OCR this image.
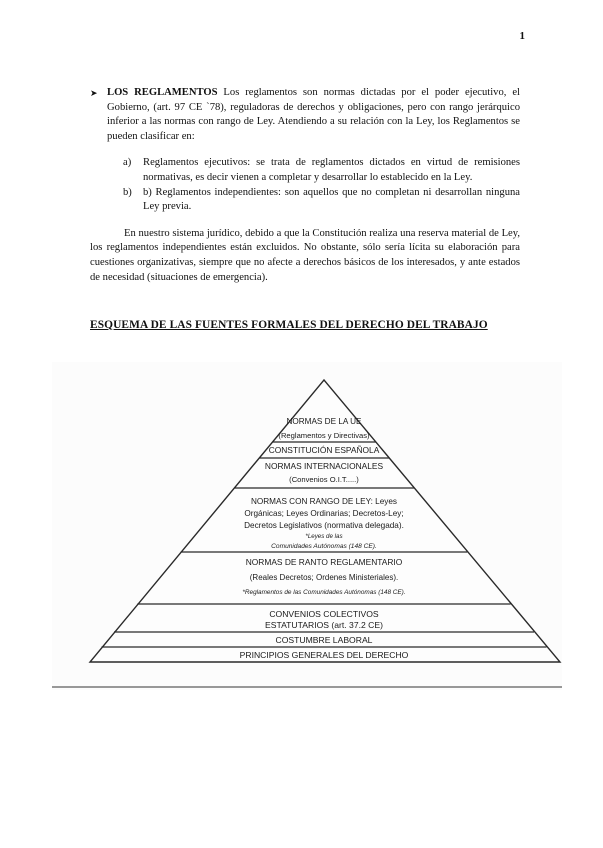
1
➤ LOS REGLAMENTOS Los reglamentos son normas dictadas por el poder ejecutivo, el Gobierno, (art. 97 CE `78), reguladoras de derechos y obligaciones, pero con rango jerárquico inferior a las normas con rango de Ley. Atendiendo a su relación con la Ley, los Reglamentos se pueden clasificar en:
a)	Reglamentos ejecutivos: se trata de reglamentos dictados en virtud de remisiones normativas, es decir vienen a completar y desarrollar lo establecido en la Ley.
b)	b) Reglamentos independientes: son aquellos que no completan ni desarrollan ninguna Ley previa.
En nuestro sistema jurídico, debido a que la Constitución realiza una reserva material de Ley, los reglamentos independientes están excluidos. No obstante, sólo sería lícita su elaboración para cuestiones organizativas, siempre que no afecte a derechos básicos de los interesados, y ante estados de necesidad (situaciones de emergencia).
ESQUEMA DE LAS FUENTES FORMALES DEL DERECHO DEL TRABAJO
NORMAS DE LA UE
(Reglamentos y Directivas)
CONSTITUCIÓN ESPAÑOLA
NORMAS INTERNACIONALES
(Convenios O.I.T.....)
NORMAS CON RANGO DE LEY: Leyes
Orgánicas; Leyes Ordinarias; Decretos-Ley;
Decretos Legislativos (normativa delegada).
*Leyes de las
Comunidades Autónomas (148 CE).
NORMAS DE RANTO REGLAMENTARIO
(Reales Decretos; Ordenes Ministeriales).
*Reglamentos de las Comunidades Autónomas (148 CE).
CONVENIOS COLECTIVOS
ESTATUTARIOS (art. 37.2 CE)
COSTUMBRE LABORAL
PRINCIPIOS GENERALES DEL DERECHO
